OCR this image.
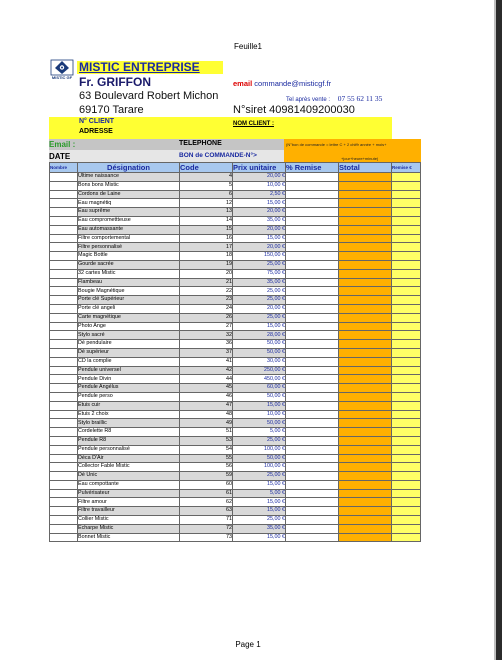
Feuille1
MISTIC GF
MISTIC ENTREPRISE
Fr. GRIFFON
63 Boulevard Robert Michon
69170 Tarare
email commande@misticgf.fr
Tel après vente : 07 55 62 11 35
N°siret 40981409200030
N° CLIENT
ADRESSE
NOM CLIENT :
Email :
DATE
TELEPHONE
BON de COMMANDE-N°>
(N°bon de commande = lettre C + 2 chiffr année + mois+
+jour+heure+minute)
Nombre	Désignation	Code	Prix unitaire	% Remise	Stotal	Remise €
	Ultime naissance	4	20,00 €			
	Bons bons Mistic	5	10,00 €			
	Cordons de Laine	6	2,50 €			
	Eau magnétiq	12	15,00 €			
	Eau suprême	13	20,00 €			
	Eau compromettteuse	14	35,00 €			
	Eau automassante	15	20,00 €			
	Filtre comportemental	16	15,00 €			
	Filtre personnalisé	17	20,00 €			
	Magic Bottle	18	150,00 €			
	Gourde sacrée	19	25,00 €			
	32 cartes Mistic	20	75,00 €			
	Flambeau	21	35,00 €			
	Bougie Magnétique	22	25,00 €			
	Porte clé Supérieur	23	25,00 €			
	Porte clé angeli	24	20,00 €			
	Carte magnétique	26	25,00 €			
	Photo Ange	27	15,00 €			
	Stylo sacré	32	28,00 €			
	Dé pendulaire	36	50,00 €			
	Dé supérieur	37	50,00 €			
	CD la complie	41	30,00 €			
	Pendule universel	42	250,00 €			
	Pendule Divin	44	450,00 €			
	Pendule Angélus	45	60,00 €			
	Pendule perso	46	50,00 €			
	Etuis cuir	47	15,00 €			
	Etuis 2 choix	48	10,00 €			
	Stylo braillic	49	50,00 €			
	Cordelette R8	51	5,00 €			
	Pendule R8	53	25,00 €			
	Pendule personnalisé	54	100,00 €			
	Déca D'Air	55	50,00 €			
	Collector Fable Mistic	56	100,00 €			
	Dé Unic	59	25,00 €			
	Eau compottante	60	15,00 €			
	Pulvérisateur	61	5,00 €			
	Filtre amour	62	15,00 €			
	Filtre travailleur	63	15,00 €			
	Collier Mistic	71	25,00 €			
	Echarpe Mistic	72	35,00 €			
	Bonnet Mistic	73	15,00 €			
Page 1
